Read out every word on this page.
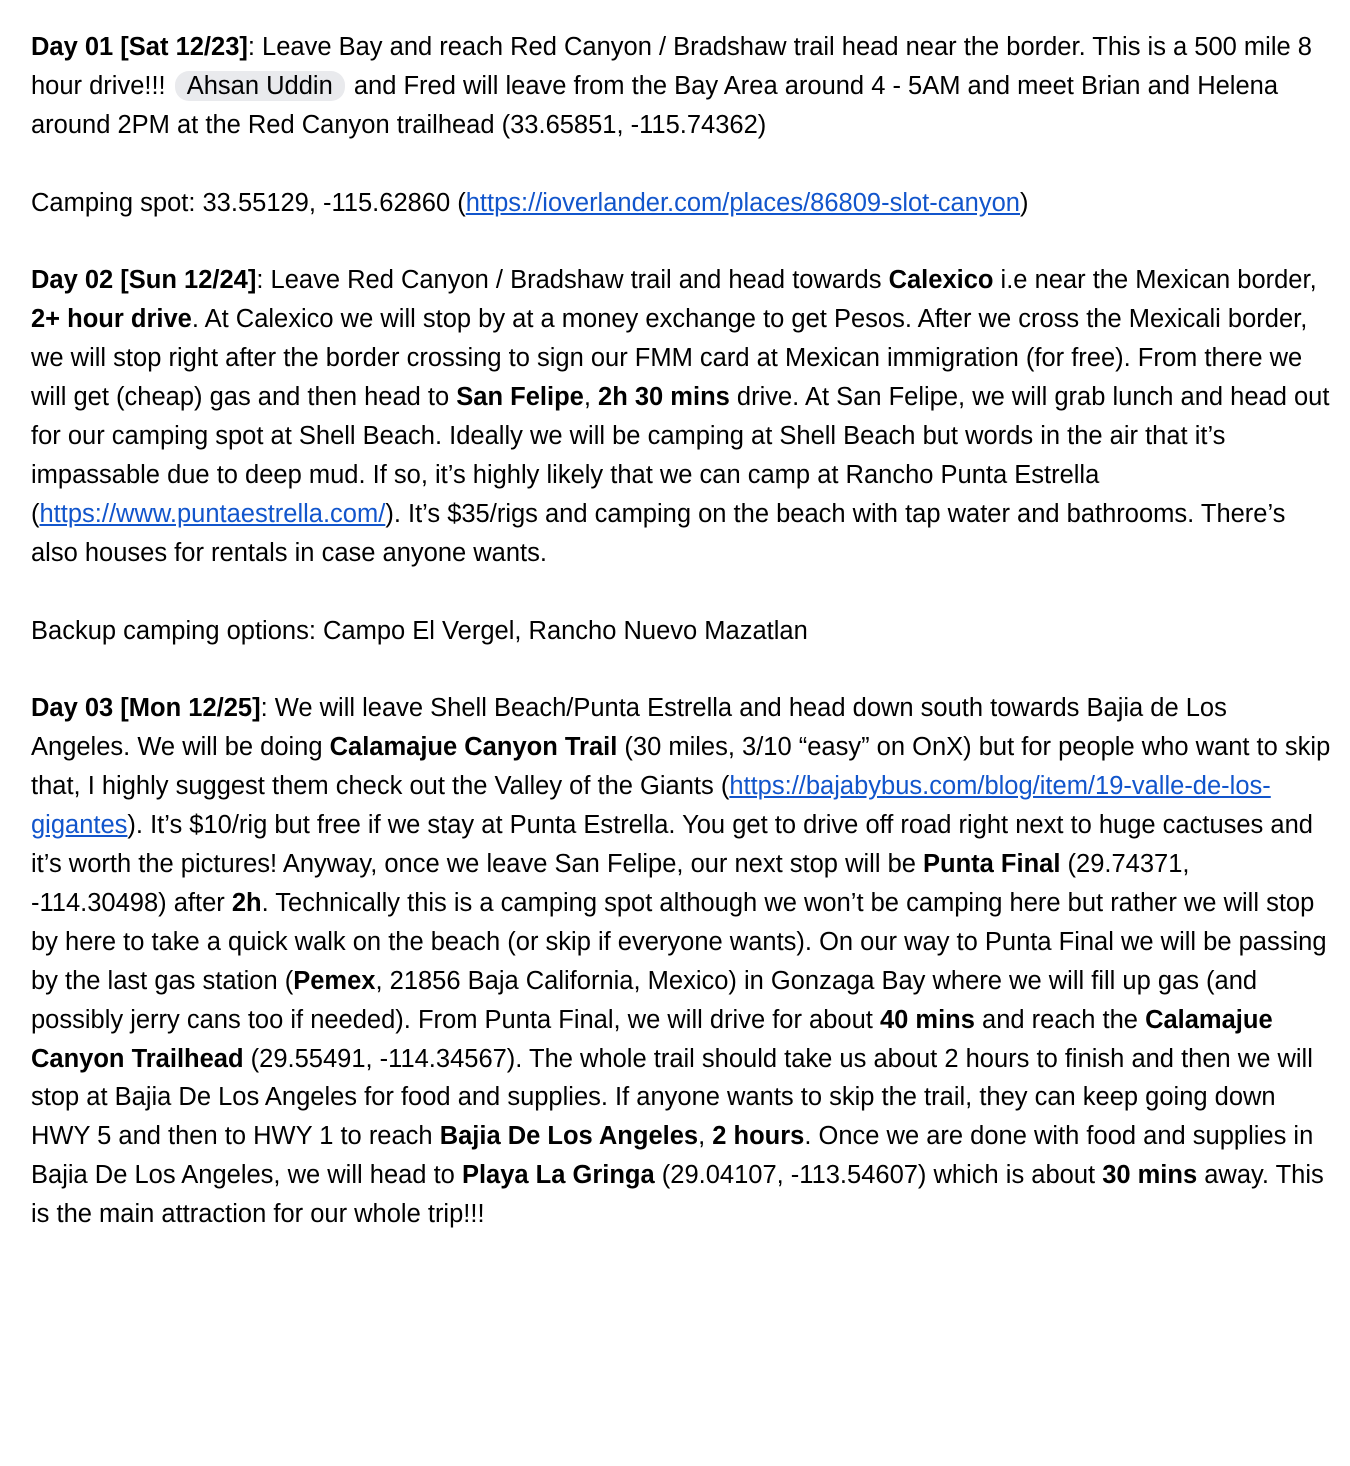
Day 01 [Sat 12/23]: Leave Bay and reach Red Canyon / Bradshaw trail head near the border. This is a 500 mile 8 hour drive!!! Ahsan Uddin and Fred will leave from the Bay Area around 4 - 5AM and meet Brian and Helena around 2PM at the Red Canyon trailhead (33.65851, -115.74362)

Camping spot: 33.55129, -115.62860 (https://ioverlander.com/places/86809-slot-canyon)

Day 02 [Sun 12/24]: Leave Red Canyon / Bradshaw trail and head towards Calexico i.e near the Mexican border, 2+ hour drive. At Calexico we will stop by at a money exchange to get Pesos. After we cross the Mexicali border, we will stop right after the border crossing to sign our FMM card at Mexican immigration (for free). From there we will get (cheap) gas and then head to San Felipe, 2h 30 mins drive. At San Felipe, we will grab lunch and head out for our camping spot at Shell Beach. Ideally we will be camping at Shell Beach but words in the air that it’s impassable due to deep mud. If so, it’s highly likely that we can camp at Rancho Punta Estrella (https://www.puntaestrella.com/). It’s $35/rigs and camping on the beach with tap water and bathrooms. There’s also houses for rentals in case anyone wants.

Backup camping options: Campo El Vergel, Rancho Nuevo Mazatlan

Day 03 [Mon 12/25]: We will leave Shell Beach/Punta Estrella and head down south towards Bajia de Los Angeles. We will be doing Calamajue Canyon Trail (30 miles, 3/10 “easy” on OnX) but for people who want to skip that, I highly suggest them check out the Valley of the Giants (https://bajabybus.com/blog/item/19-valle-de-los-gigantes). It’s $10/rig but free if we stay at Punta Estrella. You get to drive off road right next to huge cactuses and it’s worth the pictures! Anyway, once we leave San Felipe, our next stop will be Punta Final (29.74371, -114.30498) after 2h. Technically this is a camping spot although we won’t be camping here but rather we will stop by here to take a quick walk on the beach (or skip if everyone wants). On our way to Punta Final we will be passing by the last gas station (Pemex, 21856 Baja California, Mexico) in Gonzaga Bay where we will fill up gas (and possibly jerry cans too if needed). From Punta Final, we will drive for about 40 mins and reach the Calamajue Canyon Trailhead (29.55491, -114.34567). The whole trail should take us about 2 hours to finish and then we will stop at Bajia De Los Angeles for food and supplies. If anyone wants to skip the trail, they can keep going down HWY 5 and then to HWY 1 to reach Bajia De Los Angeles, 2 hours. Once we are done with food and supplies in Bajia De Los Angeles, we will head to Playa La Gringa (29.04107, -113.54607) which is about 30 mins away. This is the main attraction for our whole trip!!!
